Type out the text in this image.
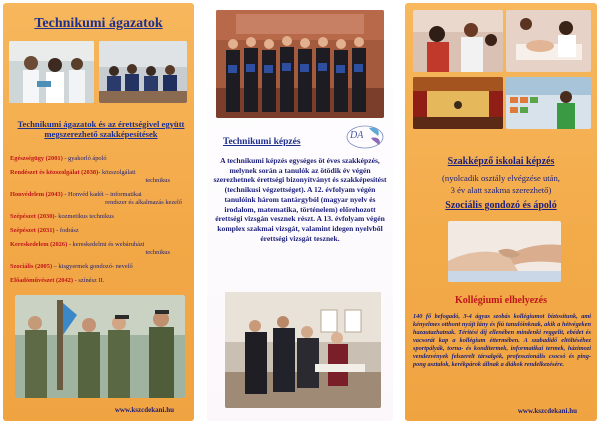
Technikumi ágazatok
Technikumi ágazatok és az érettségivel együtt megszerezhető szakképesítések
Egészségügy (2001) - gyakorló ápoló
Rendészet és közszolgálat (2038)- közszolgálati
technikus
Honvédelem (2043) - Honvéd kadét – informatikai
rendszer és alkalmazás kezelő
Szépészet (2030)- kozmetikus technikus
Szépészet (2031) - fodrász
Kereskedelem (2026) - kereskedelmi és webáruházi
technikus
Szociális (2005) – kisgyermek gondozó- nevelő
Előadóművészet (2042) - színész II.
www.kszcdekani.hu
Technikumi képzés
DA
A technikumi képzés egységes öt éves szakképzés, melynek során a tanulók az ötödik év végén szerezhetnek érettségi bizonyítványt és szakképesítést (technikusi végzettséget). A 12. évfolyam végén tanulóink három tantárgyból (magyar nyelv és irodalom, matematika, történelem) előrehozott érettségi vizsgán vesznek részt. A 13. évfolyam végén komplex szakmai vizsgát, valamint idegen nyelvből érettségi vizsgát tesznek.
Szakképző iskolai képzés
(nyolcadik osztály elvégzése után,
3 év alatt szakma szerezhető)
Szociális gondozó és ápoló
Kollégiumi elhelyezés
140 fő befogadó, 3-4 ágyas szobás kollégiumot biztosítunk, ami kényelmes otthont nyújt lány és fiú tanulóinknak, akik a hétvégeken hazautazhatnak. Térítési díj ellenében mindenki reggelit, ebédet és vacsorát kap a kollégium éttermében. A szabadidő eltöltéséhez sportpályák, torna- és konditermek, informatikai termek, házimozi vendezvények felszerelt társalgók, professzionális csocsó és ping-pong asztalok, kerékpárok állnak a diákok rendelkezésére.
www.kszcdekani.hu
